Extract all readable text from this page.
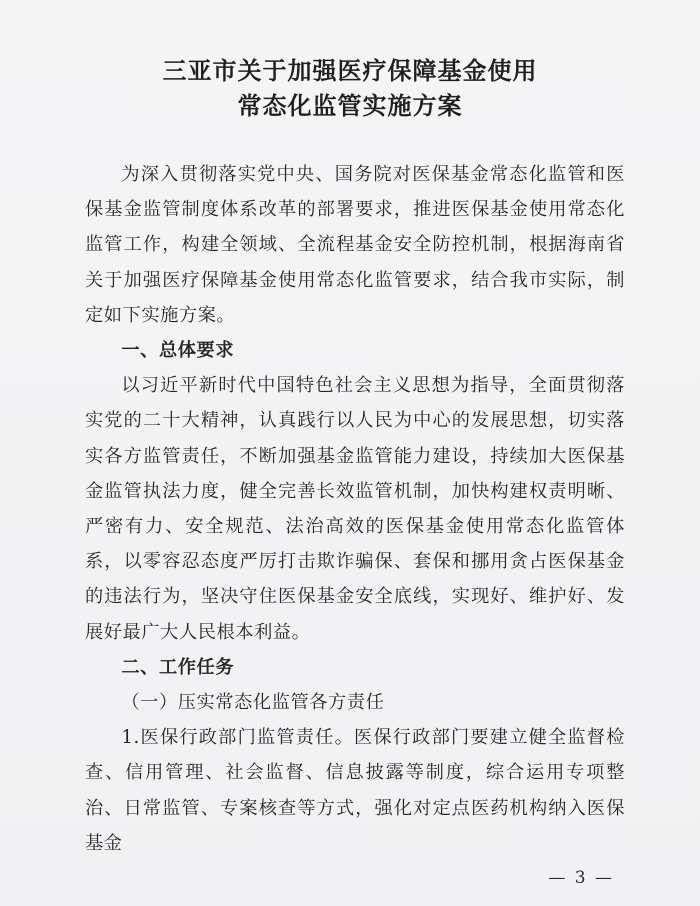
三亚市关于加强医疗保障基金使用
常态化监管实施方案

为深入贯彻落实党中央、国务院对医保基金常态化监管和医保基金监管制度体系改革的部署要求，推进医保基金使用常态化监管工作，构建全领域、全流程基金安全防控机制，根据海南省关于加强医疗保障基金使用常态化监管要求，结合我市实际，制定如下实施方案。

一、总体要求

以习近平新时代中国特色社会主义思想为指导，全面贯彻落实党的二十大精神，认真践行以人民为中心的发展思想，切实落实各方监管责任，不断加强基金监管能力建设，持续加大医保基金监管执法力度，健全完善长效监管机制，加快构建权责明晰、严密有力、安全规范、法治高效的医保基金使用常态化监管体系，以零容忍态度严厉打击欺诈骗保、套保和挪用贪占医保基金的违法行为，坚决守住医保基金安全底线，实现好、维护好、发展好最广大人民根本利益。

二、工作任务

（一）压实常态化监管各方责任

1.医保行政部门监管责任。医保行政部门要建立健全监督检查、信用管理、社会监督、信息披露等制度，综合运用专项整治、日常监管、专案核查等方式，强化对定点医药机构纳入医保基金

— 3 —
